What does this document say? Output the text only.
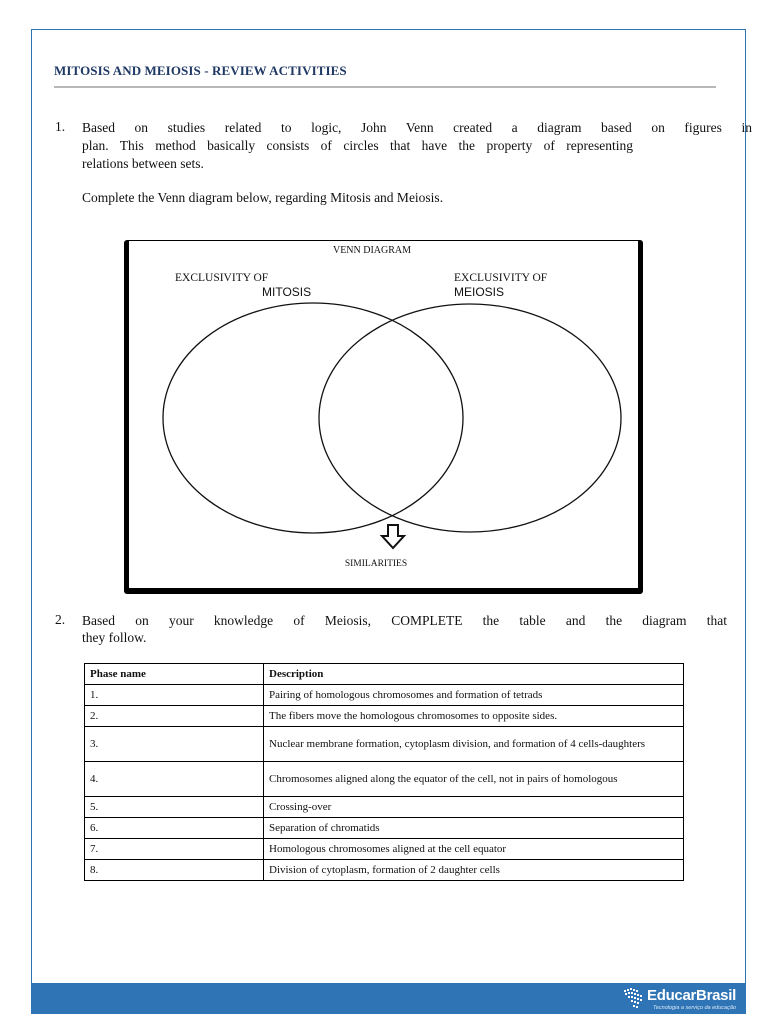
MITOSIS AND MEIOSIS - REVIEW ACTIVITIES
1. Based on studies related to logic, John Venn created a diagram based on figures in
plan. This method basically consists of circles that have the property of representing
relations between sets.
Complete the Venn diagram below, regarding Mitosis and Meiosis.
VENN DIAGRAM
EXCLUSIVITY OF
MITOSIS
EXCLUSIVITY OF
MEIOSIS
SIMILARITIES
2. Based on your knowledge of Meiosis, COMPLETE the table and the diagram that
they follow.
Phase name	Description
1.	Pairing of homologous chromosomes and formation of tetrads
2.	The fibers move the homologous chromosomes to opposite sides.
3.	Nuclear membrane formation, cytoplasm division, and formation of 4 cells-daughters
4.	Chromosomes aligned along the equator of the cell, not in pairs of homologous
5.	Crossing-over
6.	Separation of chromatids
7.	Homologous chromosomes aligned at the cell equator
8.	Division of cytoplasm, formation of 2 daughter cells
EducarBrasil
Tecnologia a serviço da educação
